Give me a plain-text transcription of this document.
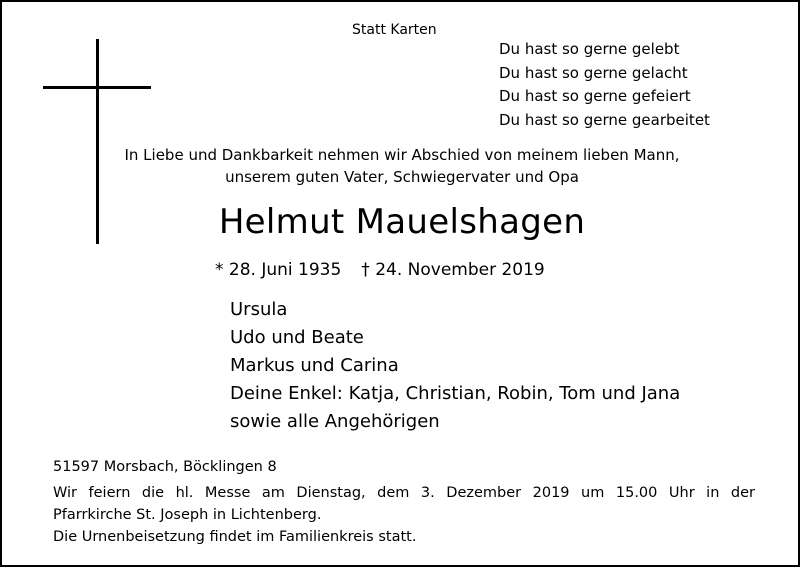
Statt Karten
Du hast so gerne gelebt
Du hast so gerne gelacht
Du hast so gerne gefeiert
Du hast so gerne gearbeitet
In Liebe und Dankbarkeit nehmen wir Abschied von meinem lieben Mann,
unserem guten Vater, Schwiegervater und Opa
Helmut Mauelshagen
* 28. Juni 1935 † 24. November 2019
Ursula
Udo und Beate
Markus und Carina
Deine Enkel: Katja, Christian, Robin, Tom und Jana
sowie alle Angehörigen
51597 Morsbach, Böcklingen 8
Wir feiern die hl. Messe am Dienstag, dem 3. Dezember 2019 um 15.00 Uhr in der
Pfarrkirche St. Joseph in Lichtenberg.
Die Urnenbeisetzung findet im Familienkreis statt.
